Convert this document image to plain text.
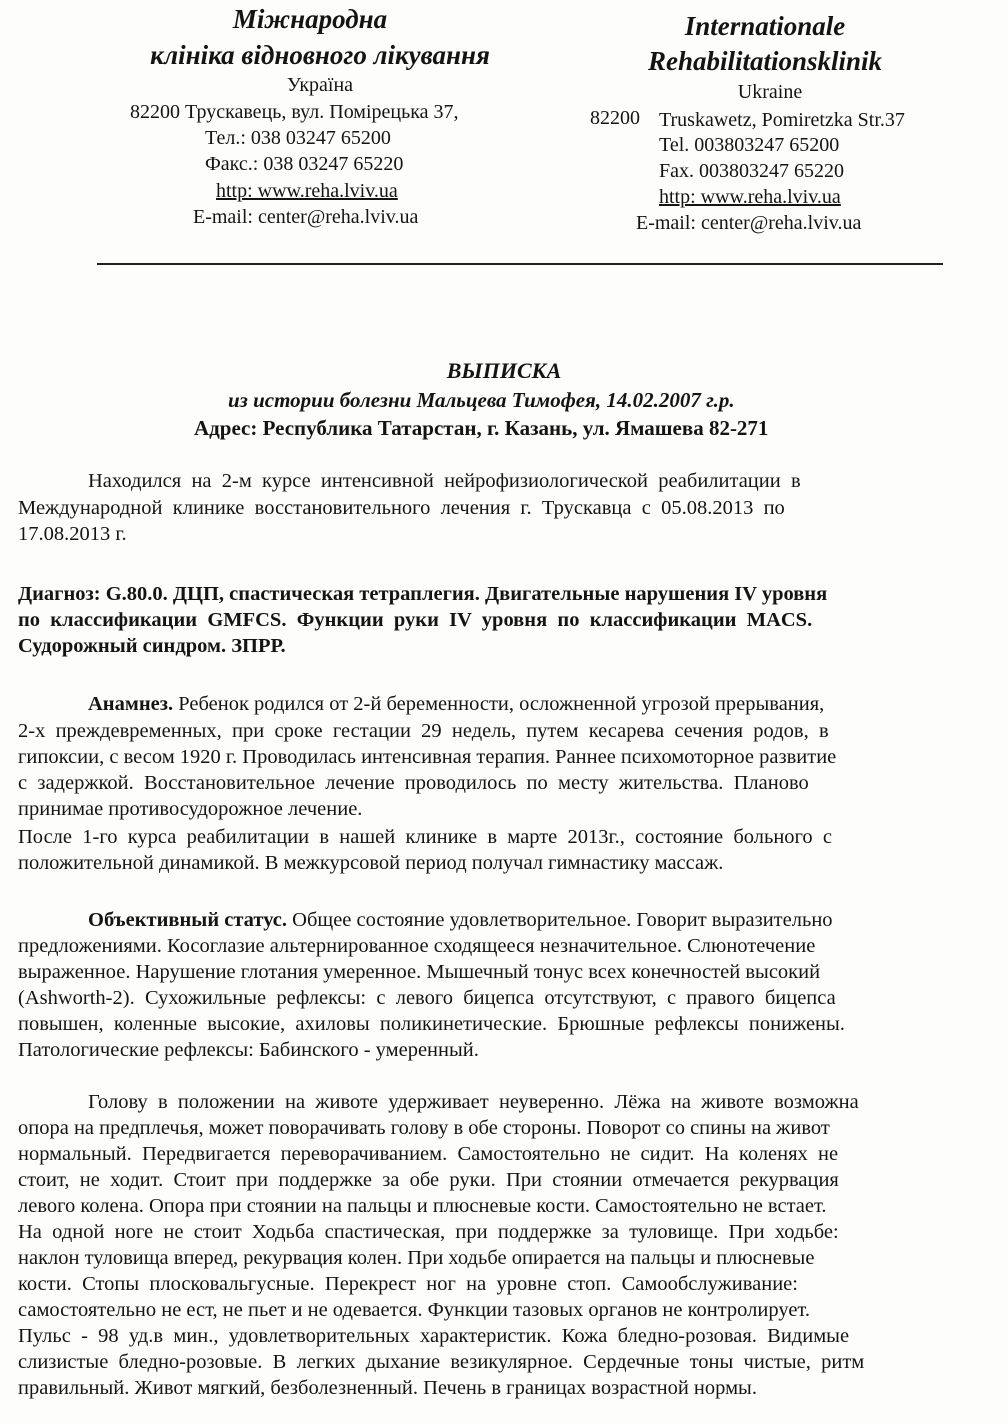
Міжнародна
клініка відновного лікування
Україна
82200 Трускавець, вул. Помірецька 37,
Тел.: 038 03247 65200
Факс.: 038 03247 65220
http: www.reha.lviv.ua
E-mail: center@reha.lviv.ua
Internationale
Rehabilitationsklinik
Ukraine
82200 Truskawetz, Pomiretzka Str.37
Tel. 003803247 65200
Fax. 003803247 65220
http: www.reha.lviv.ua
E-mail: center@reha.lviv.ua
ВЫПИСКА
из истории болезни Мальцева Тимофея, 14.02.2007 г.р.
Адрес: Республика Татарстан, г. Казань, ул. Ямашева 82-271
Находился  на  2-м  курсе  интенсивной  нейрофизиологической  реабилитации  в
Международной  клинике  восстановительного  лечения  г.  Трускавца  с  05.08.2013  по
17.08.2013 г.
Диагноз: G.80.0. ДЦП, спастическая тетраплегия. Двигательные нарушения IV уровня
по  классификации  GMFCS.  Функции  руки  IV  уровня  по  классификации  MACS.
Судорожный синдром. ЗПРР.
Анамнез. Ребенок родился от 2-й беременности, осложненной угрозой прерывания,
2-х  преждевременных,  при  сроке  гестации  29  недель,  путем  кесарева  сечения  родов,  в
гипоксии, с весом 1920 г. Проводилась интенсивная терапия. Раннее психомоторное развитие
с  задержкой.  Восстановительное  лечение  проводилось  по  месту  жительства.  Планово
принимае противосудорожное лечение.
После  1-го  курса  реабилитации  в  нашей  клинике  в  марте  2013г.,  состояние  больного  с
положительной динамикой. В межкурсовой период получал гимнастику массаж.
Объективный статус. Общее состояние удовлетворительное. Говорит выразительно
предложениями. Косоглазие альтернированное сходящееся незначительное. Слюнотечение
выраженное. Нарушение глотания умеренное. Мышечный тонус всех конечностей высокий
(Ashworth-2).  Сухожильные  рефлексы:  с  левого  бицепса  отсутствуют,  с  правого  бицепса
повышен,  коленные  высокие,  ахиловы  поликинетические.  Брюшные  рефлексы  понижены.
Патологические рефлексы: Бабинского - умеренный.
Голову  в  положении  на  животе  удерживает  неуверенно.  Лёжа  на  животе  возможна
опора на предплечья, может поворачивать голову в обе стороны. Поворот со спины на живот
нормальный.  Передвигается  переворачиванием.  Самостоятельно  не  сидит.  На  коленях  не
стоит,  не  ходит.  Стоит  при  поддержке  за  обе  руки.  При  стоянии  отмечается  рекурвация
левого колена. Опора при стоянии на пальцы и плюсневые кости. Самостоятельно не встает.
На  одной  ноге  не  стоит  Ходьба  спастическая,  при  поддержке  за  туловище.  При  ходьбе:
наклон туловища вперед, рекурвация колен. При ходьбе опирается на пальцы и плюсневые
кости.  Стопы  плосковальгусные.  Перекрест  ног  на  уровне  стоп.  Самообслуживание:
самостоятельно не ест, не пьет и не одевается. Функции тазовых органов не контролирует.
Пульс  -  98  уд.в  мин.,  удовлетворительных  характеристик.  Кожа  бледно-розовая.  Видимые
слизистые  бледно-розовые.  В  легких  дыхание  везикулярное.  Сердечные  тоны  чистые,  ритм
правильный. Живот мягкий, безболезненный. Печень в границах возрастной нормы.
